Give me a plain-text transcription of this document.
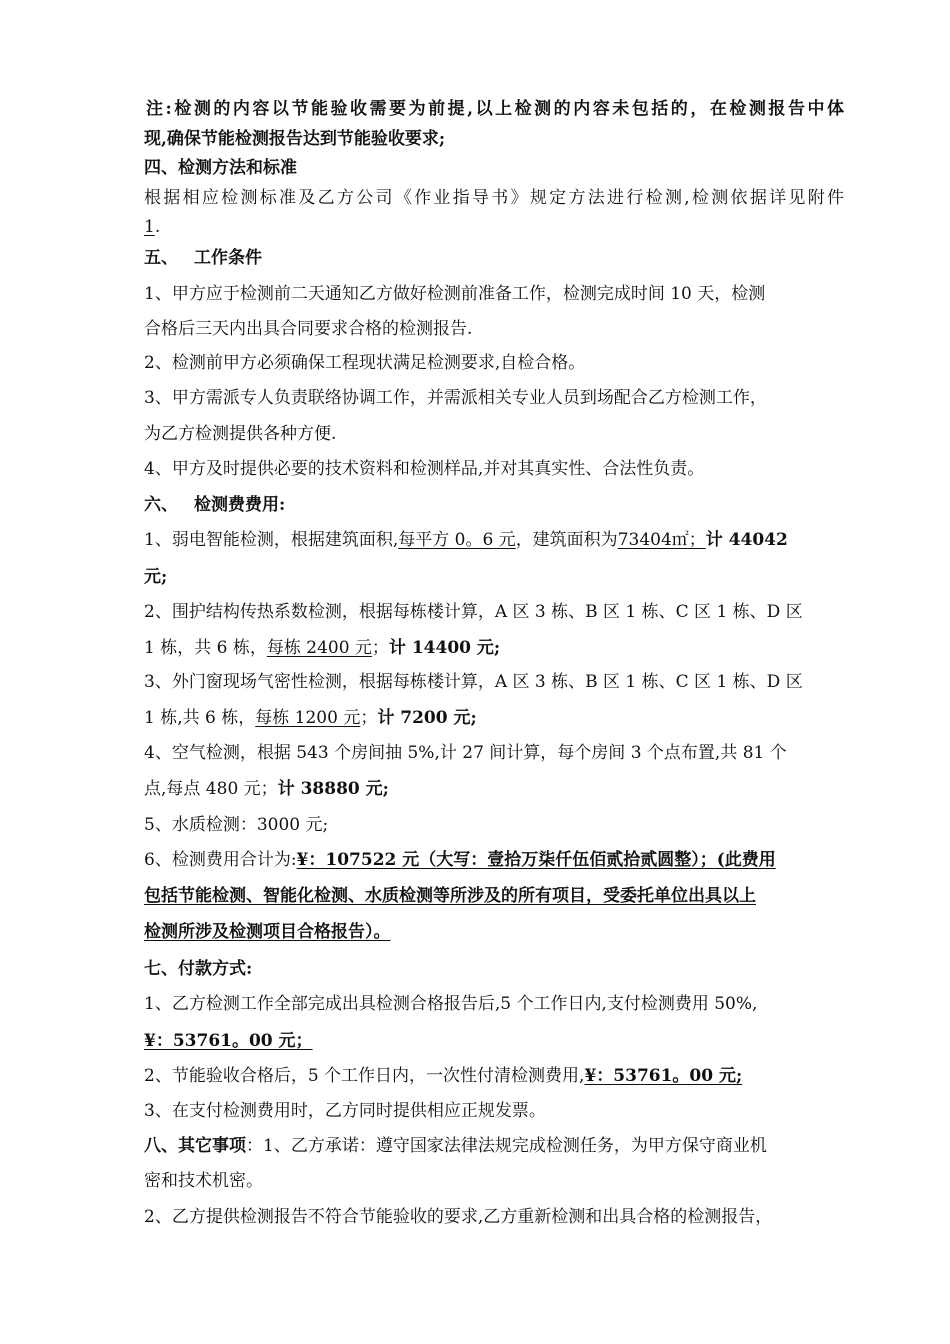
注:检测的内容以节能验收需要为前提,以上检测的内容未包括的，在检测报告中体
现,确保节能检测报告达到节能验收要求;
四、检测方法和标准
根据相应检测标准及乙方公司《作业指导书》规定方法进行检测,检测依据详见附件
1.
五、 工作条件
1、甲方应于检测前二天通知乙方做好检测前准备工作，检测完成时间 10 天，检测
合格后三天内出具合同要求合格的检测报告.
2、检测前甲方必须确保工程现状满足检测要求,自检合格。
3、甲方需派专人负责联络协调工作，并需派相关专业人员到场配合乙方检测工作，
为乙方检测提供各种方便.
4、甲方及时提供必要的技术资料和检测样品,并对其真实性、合法性负责。
六、 检测费费用:
1、弱电智能检测，根据建筑面积,每平方 0。6 元，建筑面积为73404㎡；计 44042
元;
2、围护结构传热系数检测，根据每栋楼计算，A 区 3 栋、B 区 1 栋、C 区 1 栋、D 区
1 栋，共 6 栋，每栋 2400 元；计 14400 元;
3、外门窗现场气密性检测，根据每栋楼计算，A 区 3 栋、B 区 1 栋、C 区 1 栋、D 区
1 栋,共 6 栋，每栋 1200 元；计 7200 元;
4、空气检测，根据 543 个房间抽 5%,计 27 间计算，每个房间 3 个点布置,共 81 个
点,每点 480 元；计 38880 元;
5、水质检测：3000 元;
6、检测费用合计为:¥：107522 元（大写：壹拾万柒仟伍佰贰拾贰圆整）；(此费用
包括节能检测、智能化检测、水质检测等所涉及的所有项目，受委托单位出具以上
检测所涉及检测项目合格报告）。
七、付款方式:
1、乙方检测工作全部完成出具检测合格报告后,5 个工作日内,支付检测费用 50%,
¥：53761。00 元；
2、节能验收合格后，5 个工作日内，一次性付清检测费用,¥：53761。00 元;
3、在支付检测费用时，乙方同时提供相应正规发票。
八、其它事项：1、乙方承诺：遵守国家法律法规完成检测任务，为甲方保守商业机
密和技术机密。
2、乙方提供检测报告不符合节能验收的要求,乙方重新检测和出具合格的检测报告，
